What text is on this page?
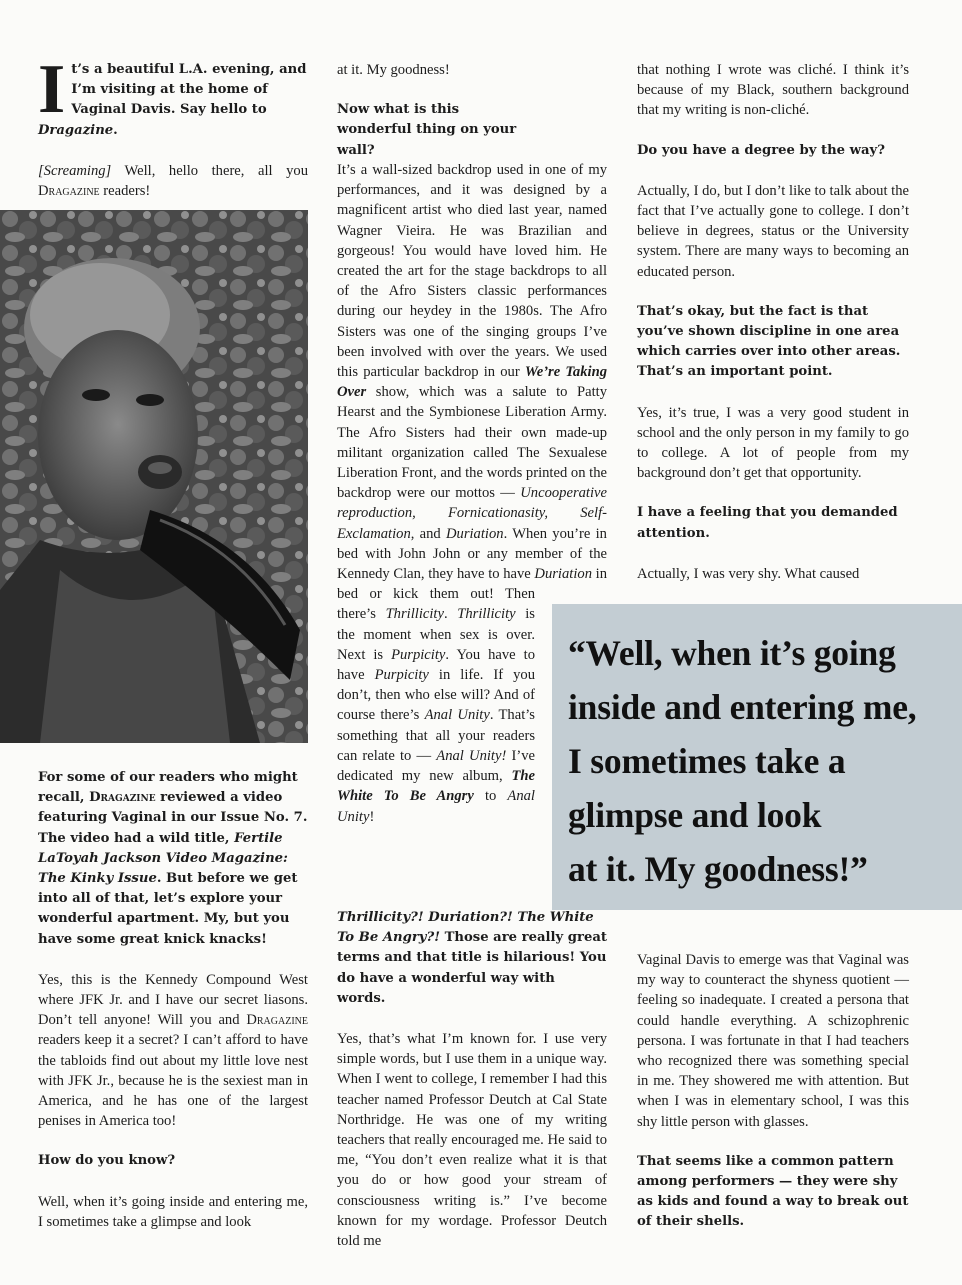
It’s a beautiful L.A. evening, and I’m visiting at the home of Vaginal Davis. Say hello to Dragazine.

[Screaming] Well, hello there, all you Dragazine readers!

For some of our readers who might recall, Dragazine reviewed a video featuring Vaginal in our Issue No. 7. The video had a wild title, Fertile LaToyah Jackson Video Magazine: The Kinky Issue. But before we get into all of that, let’s explore your wonderful apartment. My, but you have some great knick knacks!

Yes, this is the Kennedy Compound West where JFK Jr. and I have our secret liasons. Don’t tell anyone! Will you and Dragazine readers keep it a secret? I can’t afford to have the tabloids find out about my little love nest with JFK Jr., because he is the sexiest man in America, and he has one of the largest penises in America too!

How do you know?

Well, when it’s going inside and entering me, I sometimes take a glimpse and look

at it. My goodness!

Now what is this wonderful thing on your wall?

It’s a wall-sized backdrop used in one of my performances, and it was designed by a magnificent artist who died last year, named Wagner Vieira. He was Brazilian and gorgeous! You would have loved him. He created the art for the stage backdrops to all of the Afro Sisters classic performances during our heydey in the 1980s. The Afro Sisters was one of the singing groups I’ve been involved with over the years. We used this particular backdrop in our We’re Taking Over show, which was a salute to Patty Hearst and the Symbionese Liberation Army. The Afro Sisters had their own made-up militant organization called The Sexualese Liberation Front, and the words printed on the backdrop were our mottos — Uncooperative reproduction, Fornicationasity, Self-Exclamation, and Duriation. When you’re in bed with John John or any member of the Kennedy Clan, they have to have
Duriation in bed or kick them out! Then there’s Thrillicity. Thrillicity is the moment when sex is over. Next is Purpicity. You have to have Purpicity in life. If you don’t, then who else will? And of course there’s Anal Unity. That’s something that all your readers can relate to — Anal Unity! I’ve dedicated my new album, The White To Be Angry to Anal Unity!

Thrillicity?! Duriation?! The White To Be Angry?! Those are really great terms and that title is hilarious! You do have a wonderful way with words.

Yes, that’s what I’m known for. I use very simple words, but I use them in a unique way. When I went to college, I remember I had this teacher named Professor Deutch at Cal State Northridge. He was one of my writing teachers that really encouraged me. He said to me, “You don’t even realize what it is that you do or how good your stream of consciousness writing is.” I’ve become known for my wordage. Professor Deutch told me

that nothing I wrote was cliché. I think it’s because of my Black, southern background that my writing is non-cliché.

Do you have a degree by the way?

Actually, I do, but I don’t like to talk about the fact that I’ve actually gone to college. I don’t believe in degrees, status or the University system. There are many ways to becoming an educated person.

That’s okay, but the fact is that you’ve shown discipline in one area which carries over into other areas. That’s an important point.

Yes, it’s true, I was a very good student in school and the only person in my family to go to college. A lot of people from my background don’t get that opportunity.

I have a feeling that you demanded attention.

Actually, I was very shy. What caused

“Well, when it’s going
inside and entering me,
I sometimes take a
glimpse and look
at it. My goodness!”

Vaginal Davis to emerge was that Vaginal was my way to counteract the shyness quotient — feeling so inadequate. I created a persona that could handle everything. A schizophrenic persona. I was fortunate in that I had teachers who recognized there was something special in me. They showered me with attention. But when I was in elementary school, I was this shy little person with glasses.

That seems like a common pattern among performers — they were shy as kids and found a way to break out of their shells.
